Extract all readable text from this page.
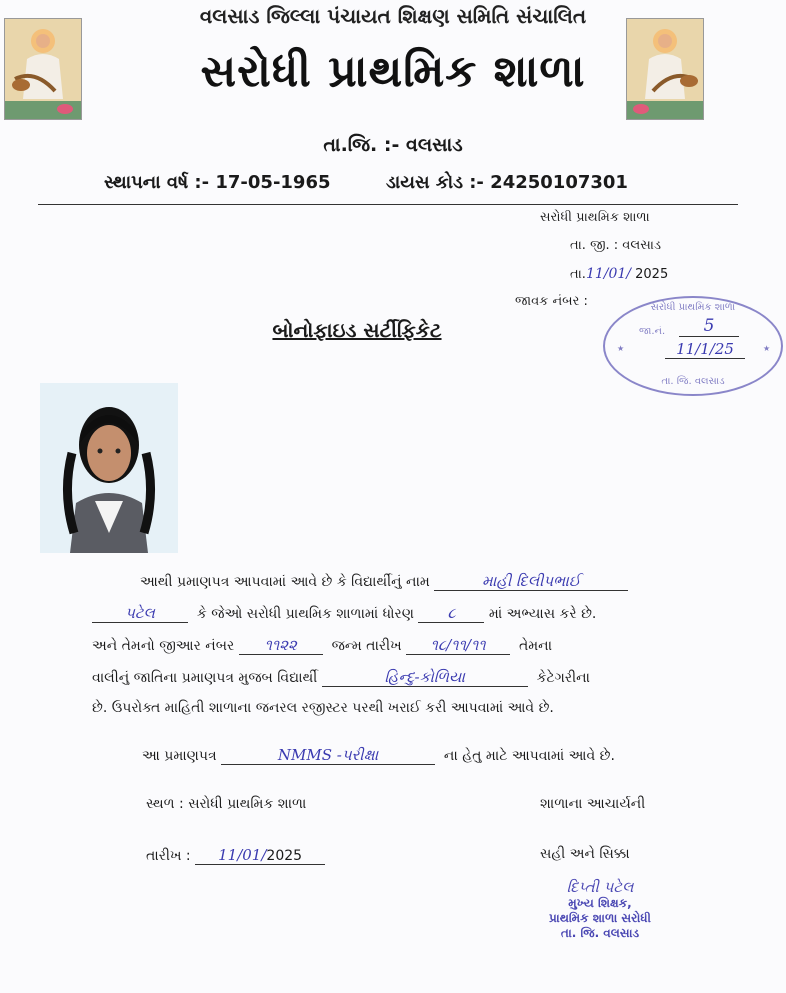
વલસાડ જિલ્લા પંચાયત શિક્ષણ સમિતિ સંચાલિત
સરોધી પ્રાથમિક શાળા
તા.જિ. :- વલસાડ
સ્થાપના વર્ષ :- 17-05-1965	ડાયસ કોડ :- 24250107301
સરોધી પ્રાથમિક શાળા
તા. જી. : વલસાડ
તા.11/01/ 2025
જાવક નંબર :	સરોધી પ્રાથમિક શાળા
જા.નં.	5
11/1/25
તા. જિ. વલસાડ
★	★
બોનોફાઇડ સર્ટીફિકેટ
આથી પ્રમાણપત્ર આપવામાં આવે છે કે વિદ્યાર્થીનું નામ	માહી દિલીપભાઈ
પટેલ	કે જેઓ સરોધી પ્રાથમિક શાળામાં ધોરણ ૮ માં અભ્યાસ કરે છે.
અને તેમનો જીઆર નંબર ૧૧૨૨ જન્મ તારીખ ૧૮/૧૧/૧૧ તેમના
વાલીનું જાતિના પ્રમાણપત્ર મુજબ વિદ્યાર્થી	હિન્દુ-કોળિયા	કેટેગરીના
છે. ઉપરોક્ત માહિતી શાળાના જનરલ રજીસ્ટર પરથી ખરાઈ કરી આપવામાં આવે છે.
આ પ્રમાણપત્ર	NMMS -પરીક્ષા	ના હેતુ માટે આપવામાં આવે છે.
સ્થળ : સરોધી પ્રાથમિક શાળા	શાળાના આચાર્યની
તારીખ : 11/01/2025	સહી અને સિક્કા
દિપ્તી પટેલ
મુખ્ય શિક્ષક,
પ્રાથમિક શાળા સરોધી
તા. જિ. વલસાડ
